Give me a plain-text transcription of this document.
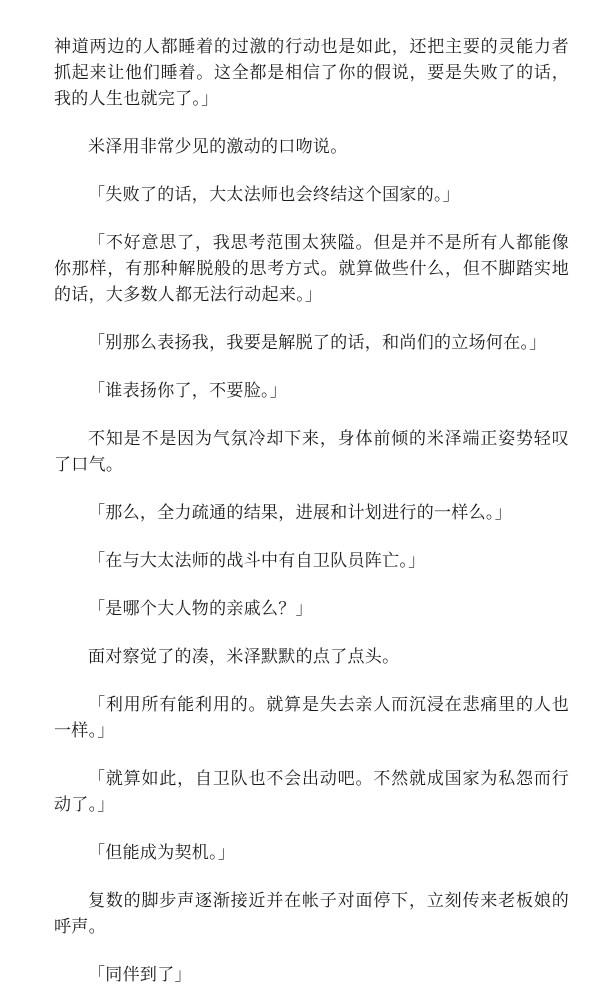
神道两边的人都睡着的过激的行动也是如此，还把主要的灵能力者抓起来让他们睡着。这全都是相信了你的假说，要是失败了的话，我的人生也就完了。」

米泽用非常少见的激动的口吻说。

「失败了的话，大太法师也会终结这个国家的。」

「不好意思了，我思考范围太狭隘。但是并不是所有人都能像你那样，有那种解脱般的思考方式。就算做些什么，但不脚踏实地的话，大多数人都无法行动起来。」

「别那么表扬我，我要是解脱了的话，和尚们的立场何在。」

「谁表扬你了，不要脸。」

不知是不是因为气氛冷却下来，身体前倾的米泽端正姿势轻叹了口气。

「那么，全力疏通的结果，进展和计划进行的一样么。」

「在与大太法师的战斗中有自卫队员阵亡。」

「是哪个大人物的亲戚么？」

面对察觉了的凑，米泽默默的点了点头。

「利用所有能利用的。就算是失去亲人而沉浸在悲痛里的人也一样。」

「就算如此，自卫队也不会出动吧。不然就成国家为私怨而行动了。」

「但能成为契机。」

复数的脚步声逐渐接近并在帐子对面停下，立刻传来老板娘的呼声。

「同伴到了」
